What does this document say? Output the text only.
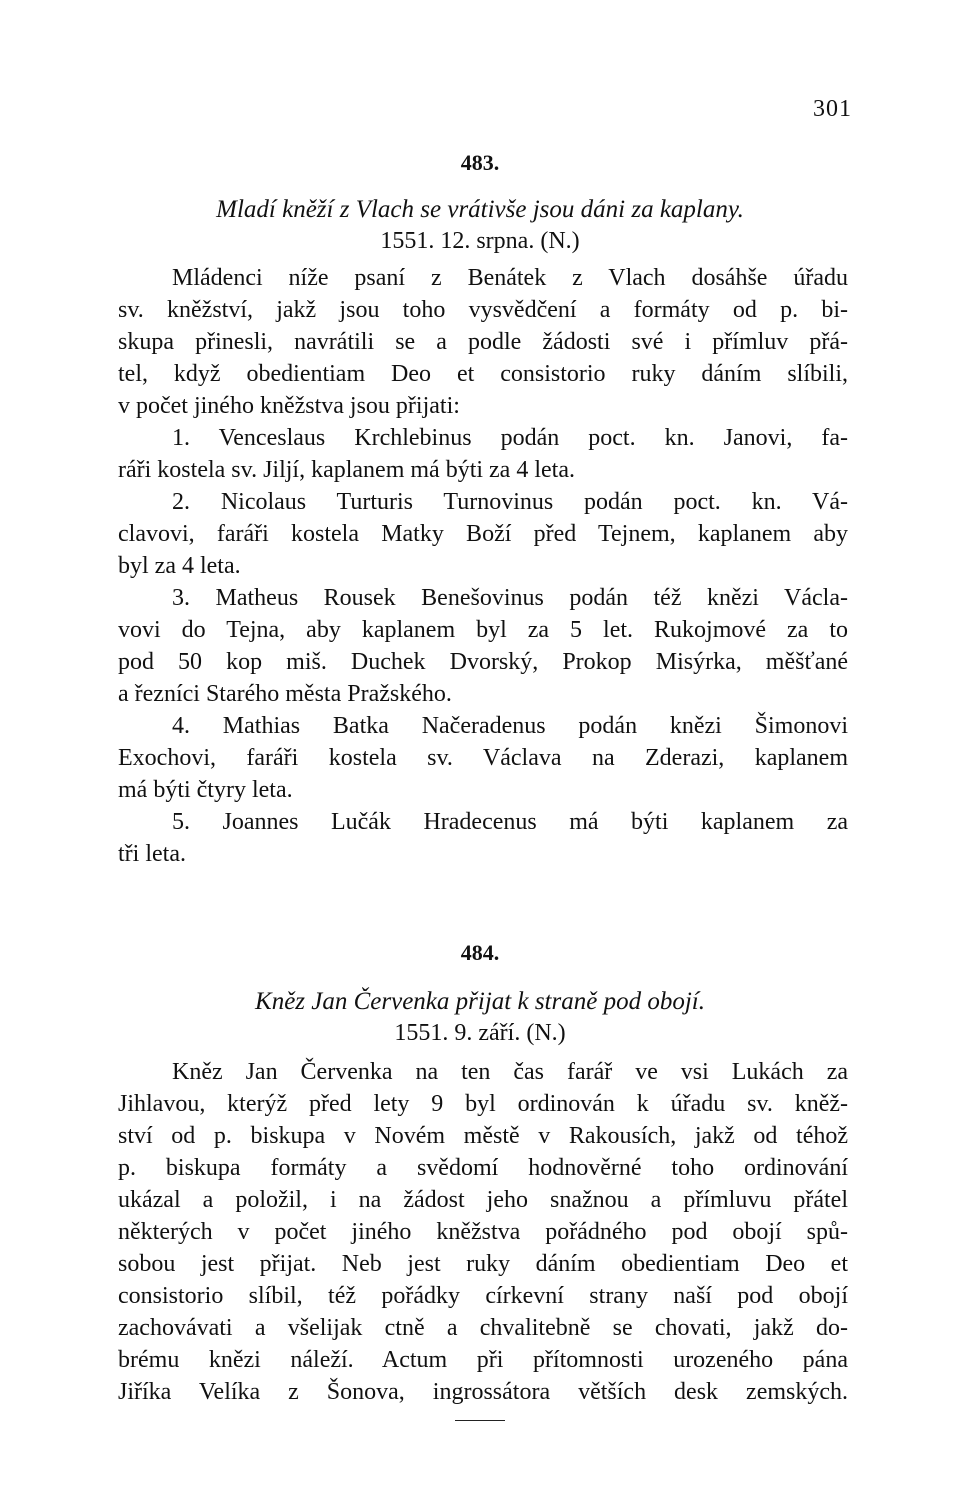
301
483.
Mladí kněží z Vlach se vrátivše jsou dáni za kaplany.
1551. 12. srpna. (N.)
Mládenci níže psaní z Benátek z Vlach dosáhše úřadu
sv. kněžství, jakž jsou toho vysvědčení a formáty od p. bi-
skupa přinesli, navrátili se a podle žádosti své i přímluv přá-
tel, když obedientiam Deo et consistorio ruky dáním slíbili,
v počet jiného kněžstva jsou přijati:
1. Venceslaus Krchlebinus podán poct. kn. Janovi, fa-
ráři kostela sv. Jiljí, kaplanem má býti za 4 leta.
2. Nicolaus Turturis Turnovinus podán poct. kn. Vá-
clavovi, faráři kostela Matky Boží před Tejnem, kaplanem aby
byl za 4 leta.
3. Matheus Rousek Benešovinus podán též knězi Václa-
vovi do Tejna, aby kaplanem byl za 5 let. Rukojmové za to
pod 50 kop miš. Duchek Dvorský, Prokop Misýrka, měšťané
a řezníci Starého města Pražského.
4. Mathias Batka Načeradenus podán knězi Šimonovi
Exochovi, faráři kostela sv. Václava na Zderazi, kaplanem
má býti čtyry leta.
5. Joannes Lučák Hradecenus má býti kaplanem za
tři leta.
484.
Kněz Jan Červenka přijat k straně pod obojí.
1551. 9. září. (N.)
Kněz Jan Červenka na ten čas farář ve vsi Lukách za
Jihlavou, kterýž před lety 9 byl ordinován k úřadu sv. kněž-
ství od p. biskupa v Novém městě v Rakousích, jakž od téhož
p. biskupa formáty a svědomí hodnověrné toho ordinování
ukázal a položil, i na žádost jeho snažnou a přímluvu přátel
některých v počet jiného kněžstva pořádného pod obojí spů-
sobou jest přijat. Neb jest ruky dáním obedientiam Deo et
consistorio slíbil, též pořádky církevní strany naší pod obojí
zachovávati a všelijak ctně a chvalitebně se chovati, jakž do-
brému knězi náleží. Actum při přítomnosti urozeného pána
Jiříka Velíka z Šonova, ingrossátora větších desk zemských.
